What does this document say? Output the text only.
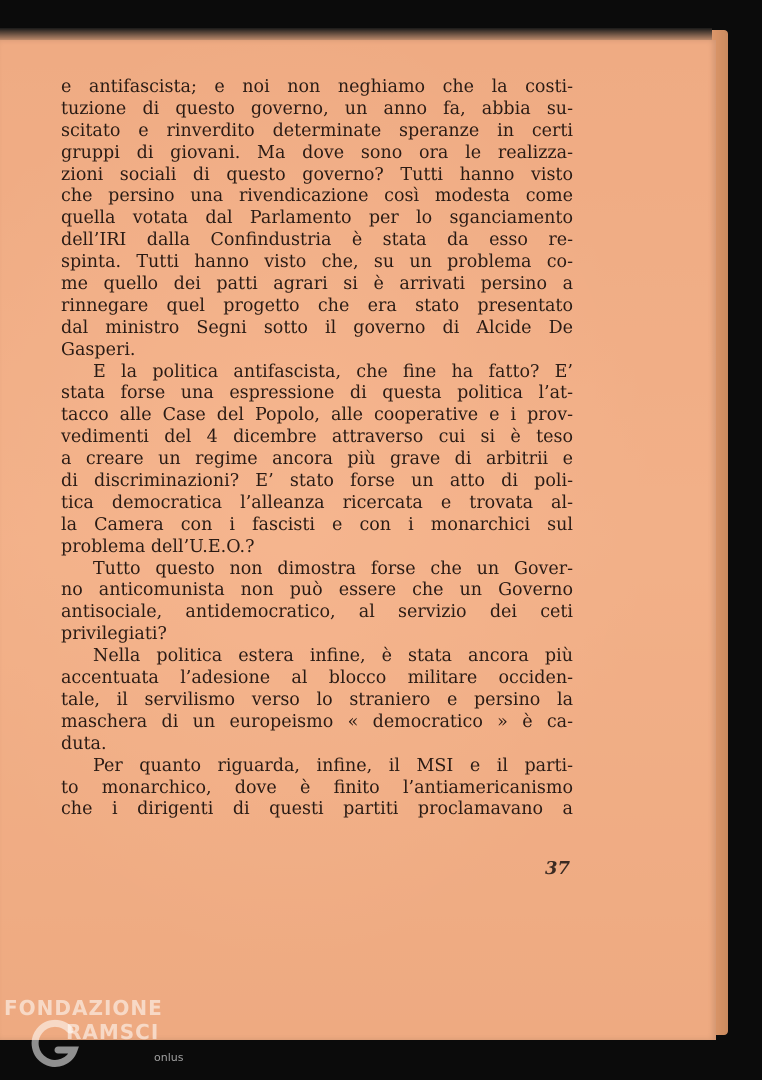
e antifascista; e noi non neghiamo che la costi-
tuzione di questo governo, un anno fa, abbia su-
scitato e rinverdito determinate speranze in certi
gruppi di giovani. Ma dove sono ora le realizza-
zioni sociali di questo governo? Tutti hanno visto
che persino una rivendicazione così modesta come
quella votata dal Parlamento per lo sganciamento
dell’IRI dalla Confindustria è stata da esso re-
spinta. Tutti hanno visto che, su un problema co-
me quello dei patti agrari si è arrivati persino a
rinnegare quel progetto che era stato presentato
dal ministro Segni sotto il governo di Alcide De
Gasperi.
E la politica antifascista, che fine ha fatto? E’
stata forse una espressione di questa politica l’at-
tacco alle Case del Popolo, alle cooperative e i prov-
vedimenti del 4 dicembre attraverso cui si è teso
a creare un regime ancora più grave di arbitrii e
di discriminazioni? E’ stato forse un atto di poli-
tica democratica l’alleanza ricercata e trovata al-
la Camera con i fascisti e con i monarchici sul
problema dell’U.E.O.?
Tutto questo non dimostra forse che un Gover-
no anticomunista non può essere che un Governo
antisociale, antidemocratico, al servizio dei ceti
privilegiati?
Nella politica estera infine, è stata ancora più
accentuata l’adesione al blocco militare occiden-
tale, il servilismo verso lo straniero e persino la
maschera di un europeismo « democratico » è ca-
duta.
Per quanto riguarda, infine, il MSI e il parti-
to monarchico, dove è finito l’antiamericanismo
che i dirigenti di questi partiti proclamavano a
37
FONDAZIONE
RAMSCI
onlus
